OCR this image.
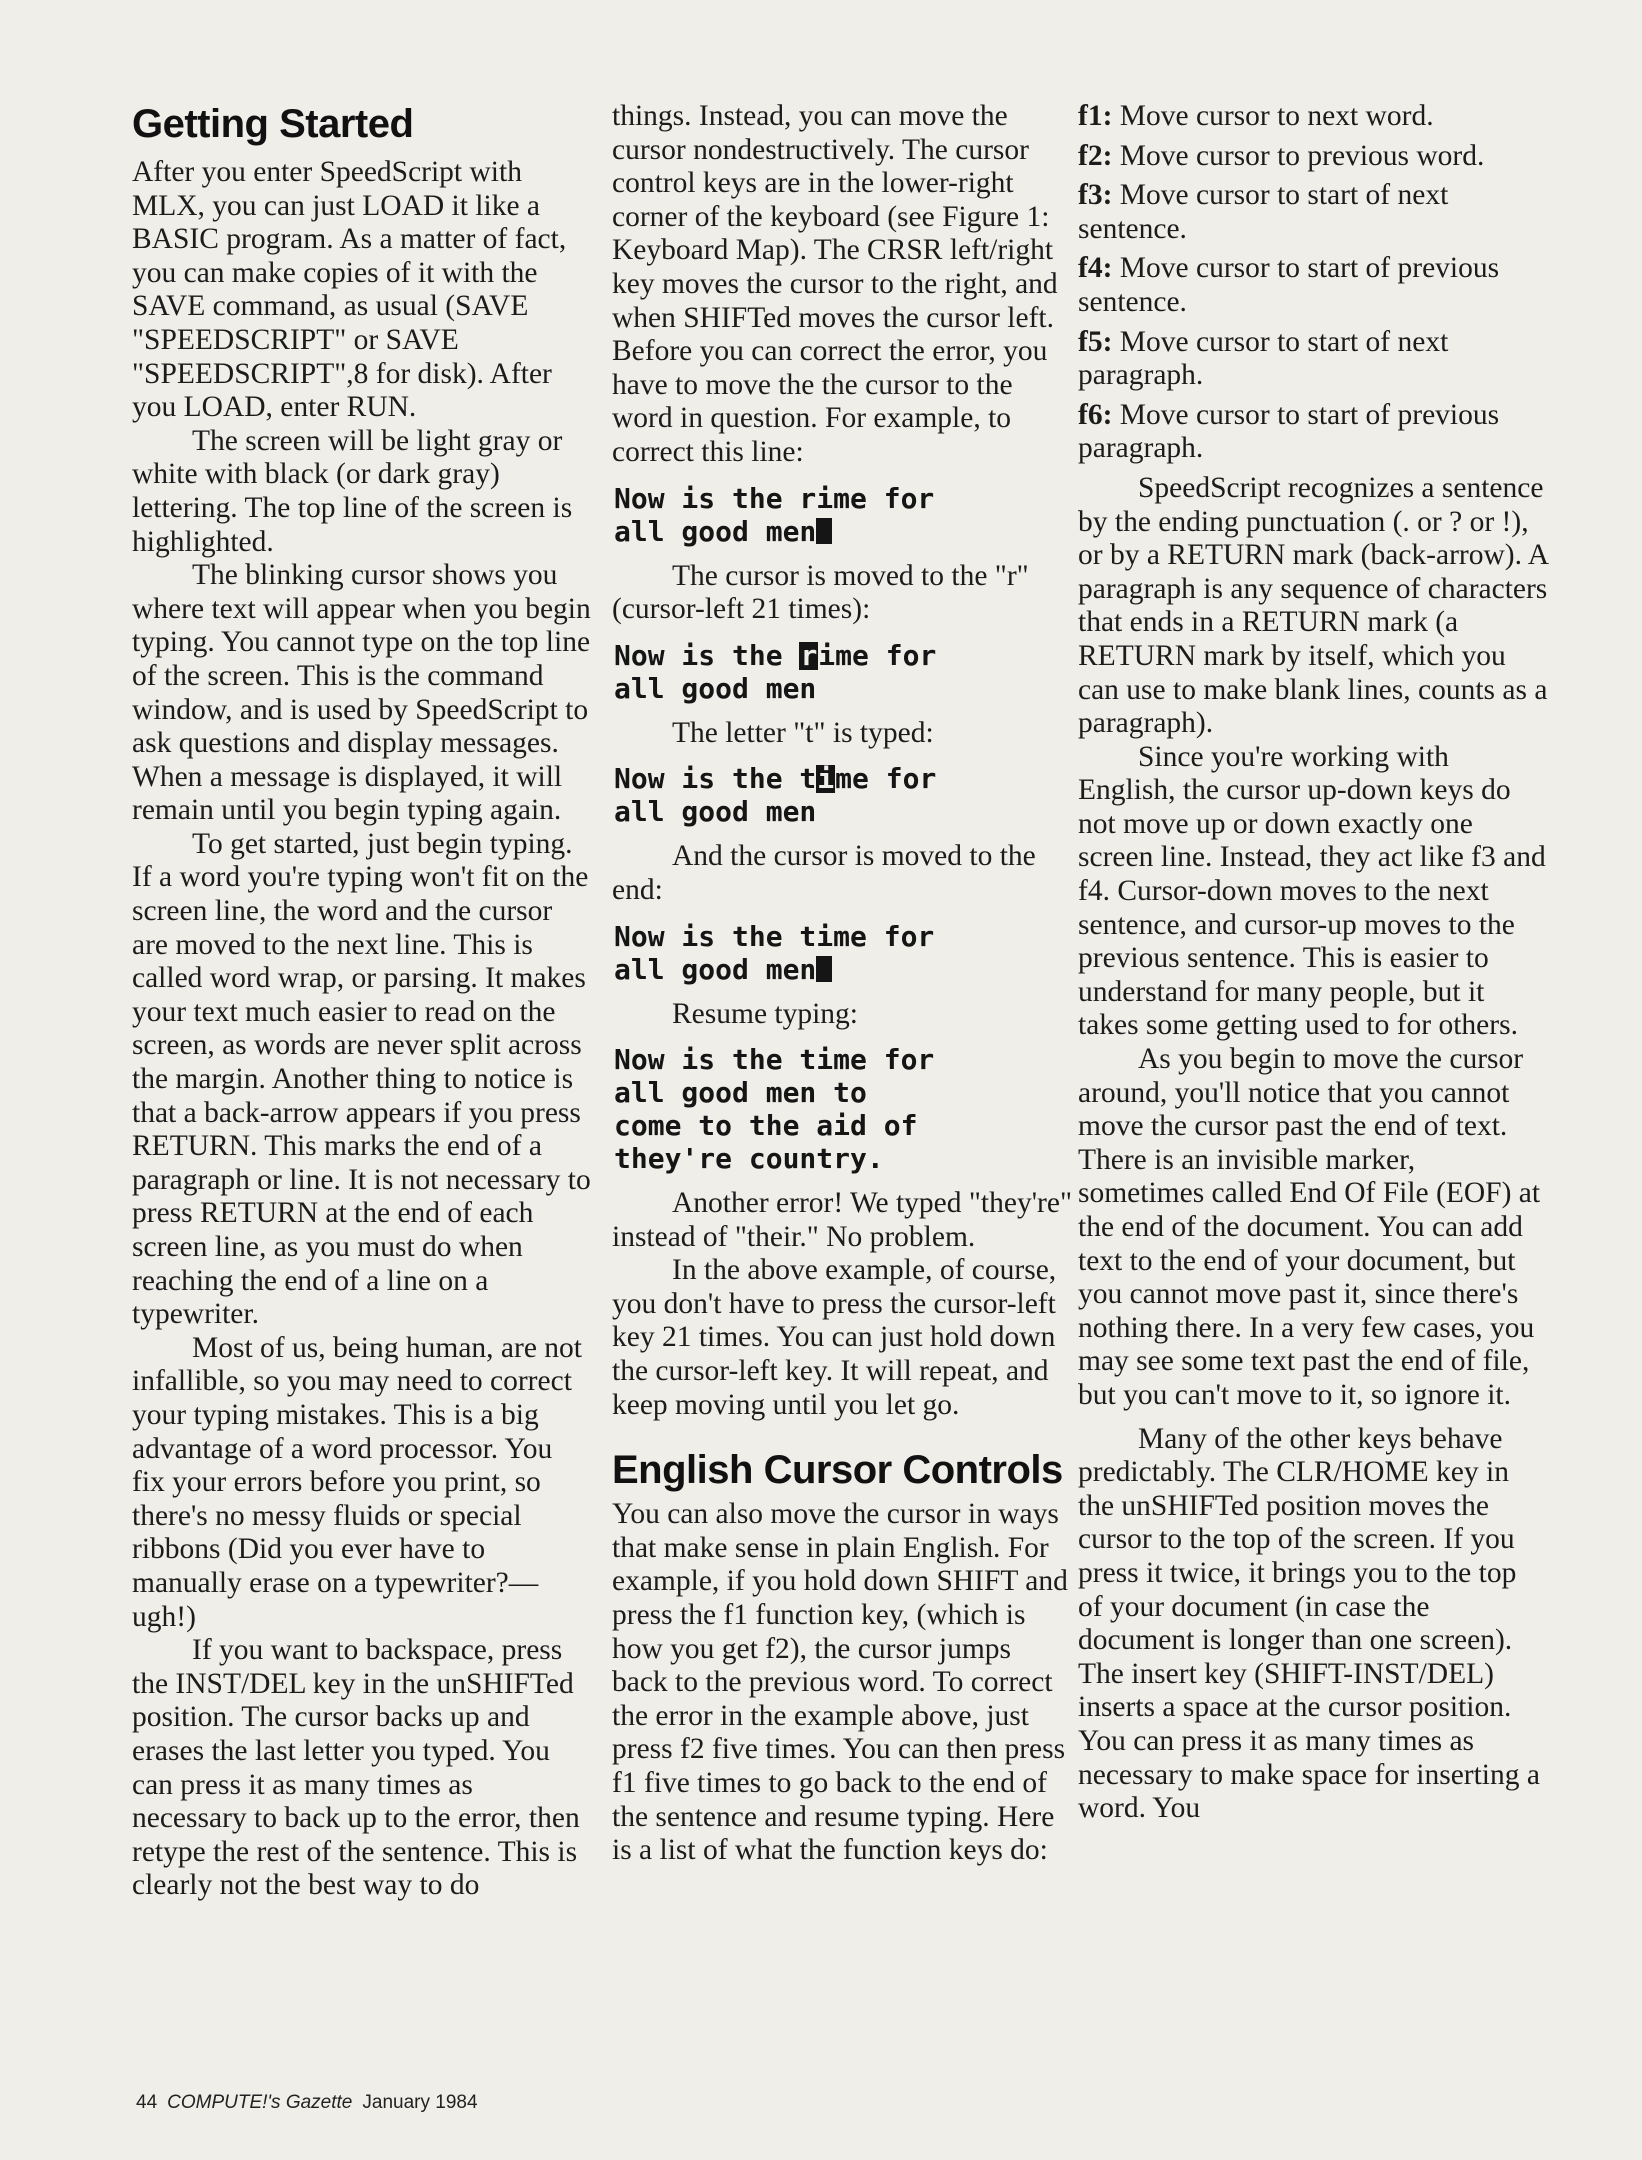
Getting Started

After you enter SpeedScript with MLX, you can just LOAD it like a BASIC program. As a matter of fact, you can make copies of it with the SAVE command, as usual (SAVE "SPEEDSCRIPT" or SAVE "SPEEDSCRIPT",8 for disk). After you LOAD, enter RUN.

The screen will be light gray or white with black (or dark gray) lettering. The top line of the screen is highlighted.

The blinking cursor shows you where text will appear when you begin typing. You cannot type on the top line of the screen. This is the command window, and is used by SpeedScript to ask questions and display messages. When a message is displayed, it will remain until you begin typing again.

To get started, just begin typing. If a word you're typing won't fit on the screen line, the word and the cursor are moved to the next line. This is called word wrap, or parsing. It makes your text much easier to read on the screen, as words are never split across the margin. Another thing to notice is that a back-arrow appears if you press RETURN. This marks the end of a paragraph or line. It is not necessary to press RETURN at the end of each screen line, as you must do when reaching the end of a line on a typewriter.

Most of us, being human, are not infallible, so you may need to correct your typing mistakes. This is a big advantage of a word processor. You fix your errors before you print, so there's no messy fluids or special ribbons (Did you ever have to manually erase on a typewriter?—ugh!)

If you want to backspace, press the INST/DEL key in the unSHIFTed position. The cursor backs up and erases the last letter you typed. You can press it as many times as necessary to back up to the error, then retype the rest of the sentence. This is clearly not the best way to do

things. Instead, you can move the cursor nondestructively. The cursor control keys are in the lower-right corner of the keyboard (see Figure 1: Keyboard Map). The CRSR left/right key moves the cursor to the right, and when SHIFTed moves the cursor left. Before you can correct the error, you have to move the the cursor to the word in question. For example, to correct this line:

Now is the rime for
all good men

The cursor is moved to the "r" (cursor-left 21 times):

Now is the rime for
all good men

The letter "t" is typed:

Now is the time for
all good men

And the cursor is moved to the end:

Now is the time for
all good men

Resume typing:

Now is the time for
all good men to
come to the aid of
they're country.

Another error! We typed "they're" instead of "their." No problem.

In the above example, of course, you don't have to press the cursor-left key 21 times. You can just hold down the cursor-left key. It will repeat, and keep moving until you let go.

English Cursor Controls

You can also move the cursor in ways that make sense in plain English. For example, if you hold down SHIFT and press the f1 function key, (which is how you get f2), the cursor jumps back to the previous word. To correct the error in the example above, just press f2 five times. You can then press f1 five times to go back to the end of the sentence and resume typing. Here is a list of what the function keys do:

f1: Move cursor to next word.

f2: Move cursor to previous word.

f3: Move cursor to start of next sentence.

f4: Move cursor to start of previous sentence.

f5: Move cursor to start of next paragraph.

f6: Move cursor to start of previous paragraph.

SpeedScript recognizes a sentence by the ending punctuation (. or ? or !), or by a RETURN mark (back-arrow). A paragraph is any sequence of characters that ends in a RETURN mark (a RETURN mark by itself, which you can use to make blank lines, counts as a paragraph).

Since you're working with English, the cursor up-down keys do not move up or down exactly one screen line. Instead, they act like f3 and f4. Cursor-down moves to the next sentence, and cursor-up moves to the previous sentence. This is easier to understand for many people, but it takes some getting used to for others.

As you begin to move the cursor around, you'll notice that you cannot move the cursor past the end of text. There is an invisible marker, sometimes called End Of File (EOF) at the end of the document. You can add text to the end of your document, but you cannot move past it, since there's nothing there. In a very few cases, you may see some text past the end of file, but you can't move to it, so ignore it.

Many of the other keys behave predictably. The CLR/HOME key in the unSHIFTed position moves the cursor to the top of the screen. If you press it twice, it brings you to the top of your document (in case the document is longer than one screen). The insert key (SHIFT-INST/DEL) inserts a space at the cursor position. You can press it as many times as necessary to make space for inserting a word. You

44 COMPUTE!'s Gazette January 1984
